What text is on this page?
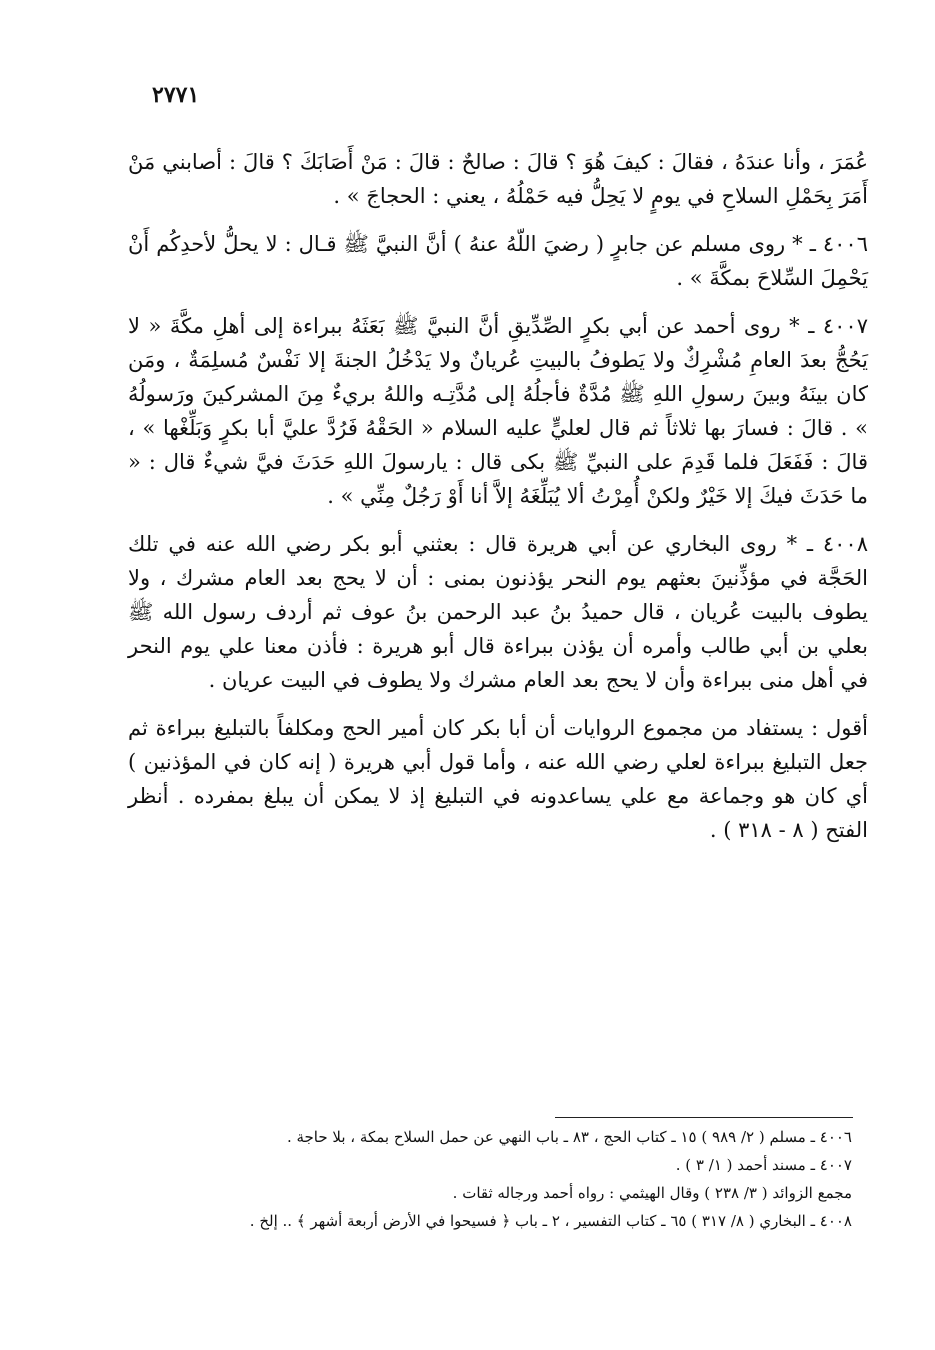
٢٧٧١

عُمَرَ ، وأنا عندَهُ ، فقالَ : كيفَ هُوَ ؟ قالَ : صالحٌ : قالَ : مَنْ أَصَابَكَ ؟ قالَ : أصابني مَنْ أَمَرَ بِحَمْلِ السلاحِ في يومٍ لا يَحِلُّ فيه حَمْلُهُ ، يعني : الحجاجَ » .

٤٠٠٦ ـ * روى مسلم عن جابرٍ ( رضيَ اللّهُ عنهُ ) أنَّ النبيَّ ﷺ قـال : لا يحلُّ لأحدِكُم أَنْ يَحْمِلَ السِّلاحَ بمكَّةَ » .

٤٠٠٧ ـ * روى أحمد عن أبي بكرٍ الصِّدِّيقِ أنَّ النبيَّ ﷺ بَعَثَهُ ببراءة إلى أهلِ مكَّةَ « لا يَحُجُّ بعدَ العامِ مُشْرِكٌ ولا يَطوفُ بالبيتِ عُريانٌ ولا يَدْخُلُ الجنةَ إلا نَفْسٌ مُسلِمَةٌ ، ومَن كان بينَهُ وبينَ رسولِ اللهِ ﷺ مُدَّةٌ فأجلُهُ إلى مُدَّتِـه واللهُ بريءٌ مِنَ المشركينَ ورَسولُهُ » . قالَ : فسارَ بها ثلاثاً ثم قال لعليٍّ عليه السلام « الحَقْهُ فَرُدَّ عليَّ أبا بكرٍ وَبَلِّغْها » ، قالَ : فَفَعَلَ فلما قَدِمَ على النبيِّ ﷺ بكى قال : يارسولَ اللهِ حَدَثَ فيَّ شيءٌ قال : « ما حَدَثَ فيكَ إلا خَيْرٌ ولكنْ أُمِرْتُ ألا يُبَلِّغَهُ إلاَّ أنا أَوْ رَجُلٌ مِنِّي » .

٤٠٠٨ ـ * روى البخاري عن أبي هريرة قال : بعثني أبو بكر رضي الله عنه في تلك الحَجَّة في مؤذِّنينَ بعثهم يوم النحر يؤذنون بمنى : أن لا يحج بعد العام مشرك ، ولا يطوف بالبيت عُريان ، قال حميدُ بنُ عبد الرحمن بنُ عوف ثم أردف رسول الله ﷺ بعلي بن أبي طالب وأمره أن يؤذن ببراءة قال أبو هريرة : فأذن معنا علي يوم النحر في أهل منى ببراءة وأن لا يحج بعد العام مشرك ولا يطوف في البيت عريان .

أقول : يستفاد من مجموع الروايات أن أبا بكر كان أمير الحج ومكلفاً بالتبليغ ببراءة ثم جعل التبليغ ببراءة لعلي رضي الله عنه ، وأما قول أبي هريرة ( إنه كان في المؤذنين ) أي كان هو وجماعة مع علي يساعدونه في التبليغ إذ لا يمكن أن يبلغ بمفرده . أنظر الفتح ( ٨ - ٣١٨ ) .

٤٠٠٦ ـ مسلم ( ٢/ ٩٨٩ ) ١٥ ـ كتاب الحج ، ٨٣ ـ باب النهي عن حمل السلاح بمكة ، بلا حاجة .

٤٠٠٧ ـ مسند أحمد ( ١/ ٣ ) .

مجمع الزوائد ( ٣/ ٢٣٨ ) وقال الهيثمي : رواه أحمد ورجاله ثقات .

٤٠٠٨ ـ البخاري ( ٨/ ٣١٧ ) ٦٥ ـ كتاب التفسير ، ٢ ـ باب ﴿ فسيحوا في الأرض أربعة أشهر ﴾ .. إلخ .
